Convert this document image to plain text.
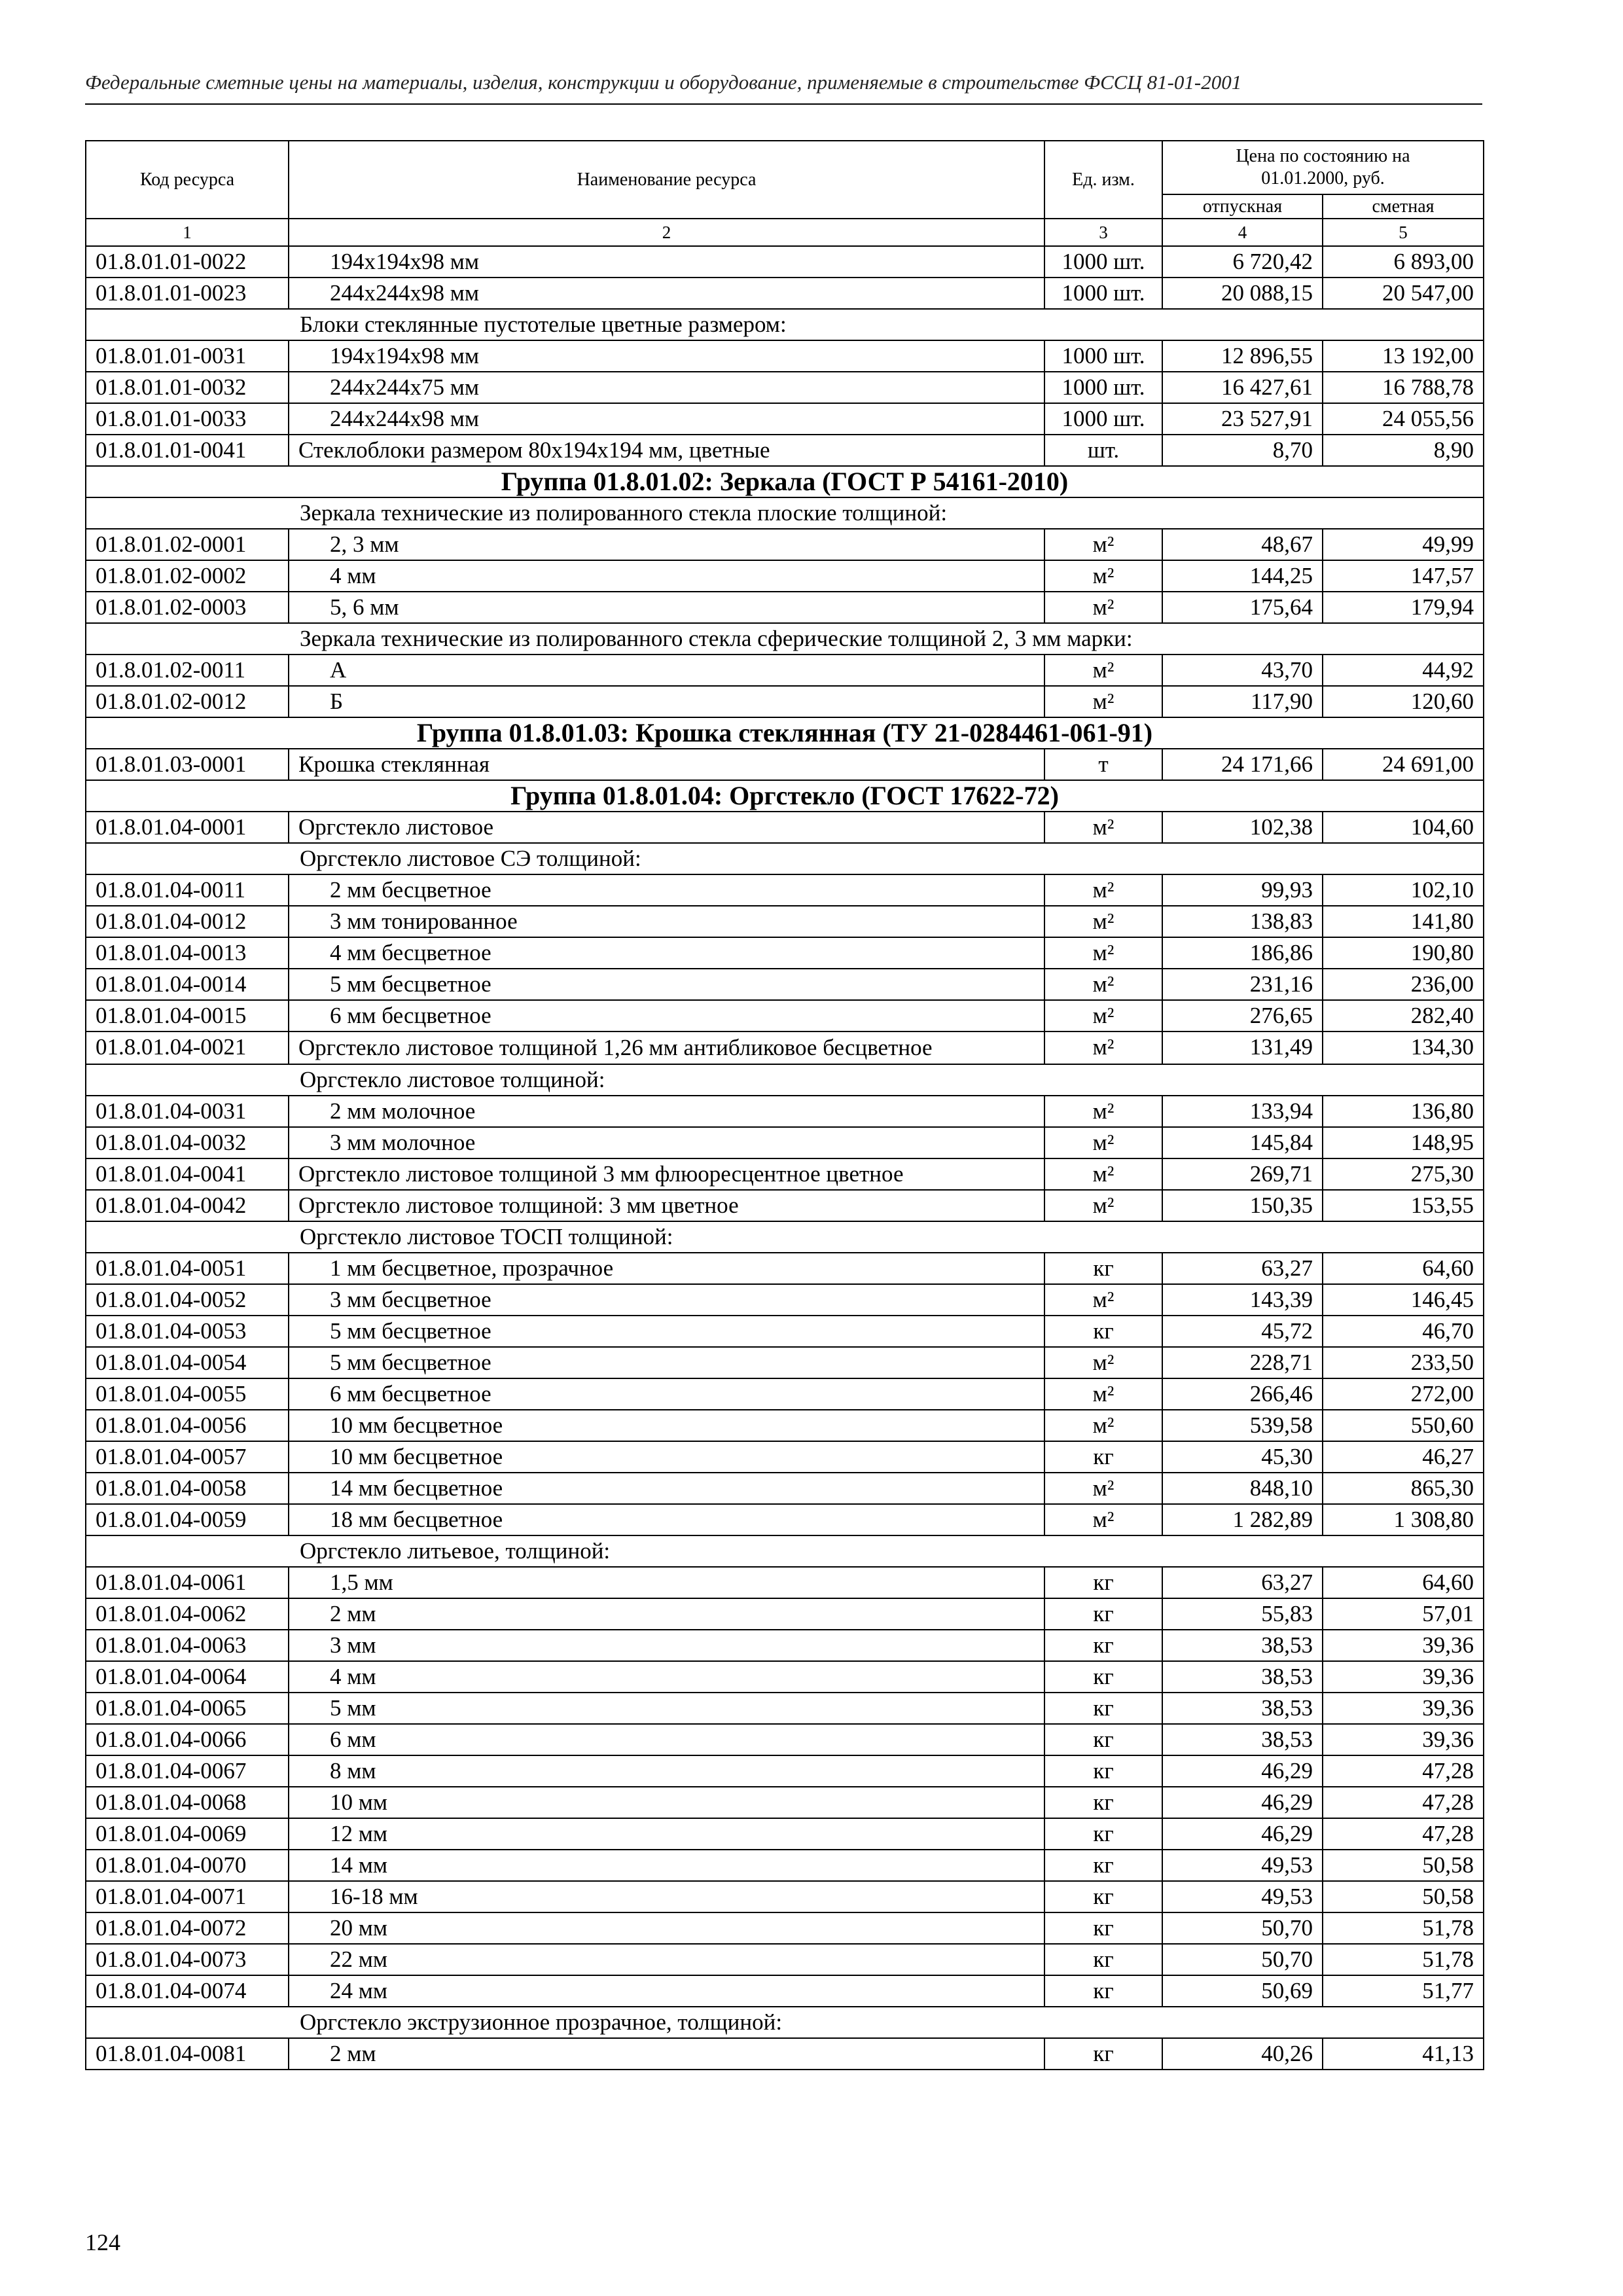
Федеральные сметные цены на материалы, изделия, конструкции и оборудование, применяемые в строительстве ФССЦ 81-01-2001
Код ресурса	Наименование ресурса	Ед. изм.	Цена по состоянию на 01.01.2000, руб.	
			отпускная	сметная
1	2	3	4	5
01.8.01.01-0022	194x194x98 мм	1000 шт.	6 720,42	6 893,00
01.8.01.01-0023	244x244x98 мм	1000 шт.	20 088,15	20 547,00
Блоки стеклянные пустотелые цветные размером:				
01.8.01.01-0031	194x194x98 мм	1000 шт.	12 896,55	13 192,00
01.8.01.01-0032	244x244x75 мм	1000 шт.	16 427,61	16 788,78
01.8.01.01-0033	244x244x98 мм	1000 шт.	23 527,91	24 055,56
01.8.01.01-0041	Стеклоблоки размером 80x194x194 мм, цветные	шт.	8,70	8,90
Группа 01.8.01.02: Зеркала (ГОСТ Р 54161-2010)				
Зеркала технические из полированного стекла плоские толщиной:				
01.8.01.02-0001	2, 3 мм	м²	48,67	49,99
01.8.01.02-0002	4 мм	м²	144,25	147,57
01.8.01.02-0003	5, 6 мм	м²	175,64	179,94
Зеркала технические из полированного стекла сферические толщиной 2, 3 мм марки:				
01.8.01.02-0011	А	м²	43,70	44,92
01.8.01.02-0012	Б	м²	117,90	120,60
Группа 01.8.01.03: Крошка стеклянная (ТУ 21-0284461-061-91)				
01.8.01.03-0001	Крошка стеклянная	т	24 171,66	24 691,00
Группа 01.8.01.04: Оргстекло (ГОСТ 17622-72)				
01.8.01.04-0001	Оргстекло листовое	м²	102,38	104,60
Оргстекло листовое СЭ толщиной:				
01.8.01.04-0011	2 мм бесцветное	м²	99,93	102,10
01.8.01.04-0012	3 мм тонированное	м²	138,83	141,80
01.8.01.04-0013	4 мм бесцветное	м²	186,86	190,80
01.8.01.04-0014	5 мм бесцветное	м²	231,16	236,00
01.8.01.04-0015	6 мм бесцветное	м²	276,65	282,40
01.8.01.04-0021	Оргстекло листовое толщиной 1,26 мм антибликовое бесцветное	м²	131,49	134,30
Оргстекло листовое толщиной:				
01.8.01.04-0031	2 мм молочное	м²	133,94	136,80
01.8.01.04-0032	3 мм молочное	м²	145,84	148,95
01.8.01.04-0041	Оргстекло листовое толщиной 3 мм флюоресцентное цветное	м²	269,71	275,30
01.8.01.04-0042	Оргстекло листовое толщиной: 3 мм цветное	м²	150,35	153,55
Оргстекло листовое ТОСП толщиной:				
01.8.01.04-0051	1 мм бесцветное, прозрачное	кг	63,27	64,60
01.8.01.04-0052	3 мм бесцветное	м²	143,39	146,45
01.8.01.04-0053	5 мм бесцветное	кг	45,72	46,70
01.8.01.04-0054	5 мм бесцветное	м²	228,71	233,50
01.8.01.04-0055	6 мм бесцветное	м²	266,46	272,00
01.8.01.04-0056	10 мм бесцветное	м²	539,58	550,60
01.8.01.04-0057	10 мм бесцветное	кг	45,30	46,27
01.8.01.04-0058	14 мм бесцветное	м²	848,10	865,30
01.8.01.04-0059	18 мм бесцветное	м²	1 282,89	1 308,80
Оргстекло литьевое, толщиной:				
01.8.01.04-0061	1,5 мм	кг	63,27	64,60
01.8.01.04-0062	2 мм	кг	55,83	57,01
01.8.01.04-0063	3 мм	кг	38,53	39,36
01.8.01.04-0064	4 мм	кг	38,53	39,36
01.8.01.04-0065	5 мм	кг	38,53	39,36
01.8.01.04-0066	6 мм	кг	38,53	39,36
01.8.01.04-0067	8 мм	кг	46,29	47,28
01.8.01.04-0068	10 мм	кг	46,29	47,28
01.8.01.04-0069	12 мм	кг	46,29	47,28
01.8.01.04-0070	14 мм	кг	49,53	50,58
01.8.01.04-0071	16-18 мм	кг	49,53	50,58
01.8.01.04-0072	20 мм	кг	50,70	51,78
01.8.01.04-0073	22 мм	кг	50,70	51,78
01.8.01.04-0074	24 мм	кг	50,69	51,77
Оргстекло экструзионное прозрачное, толщиной:				
01.8.01.04-0081	2 мм	кг	40,26	41,13
124
